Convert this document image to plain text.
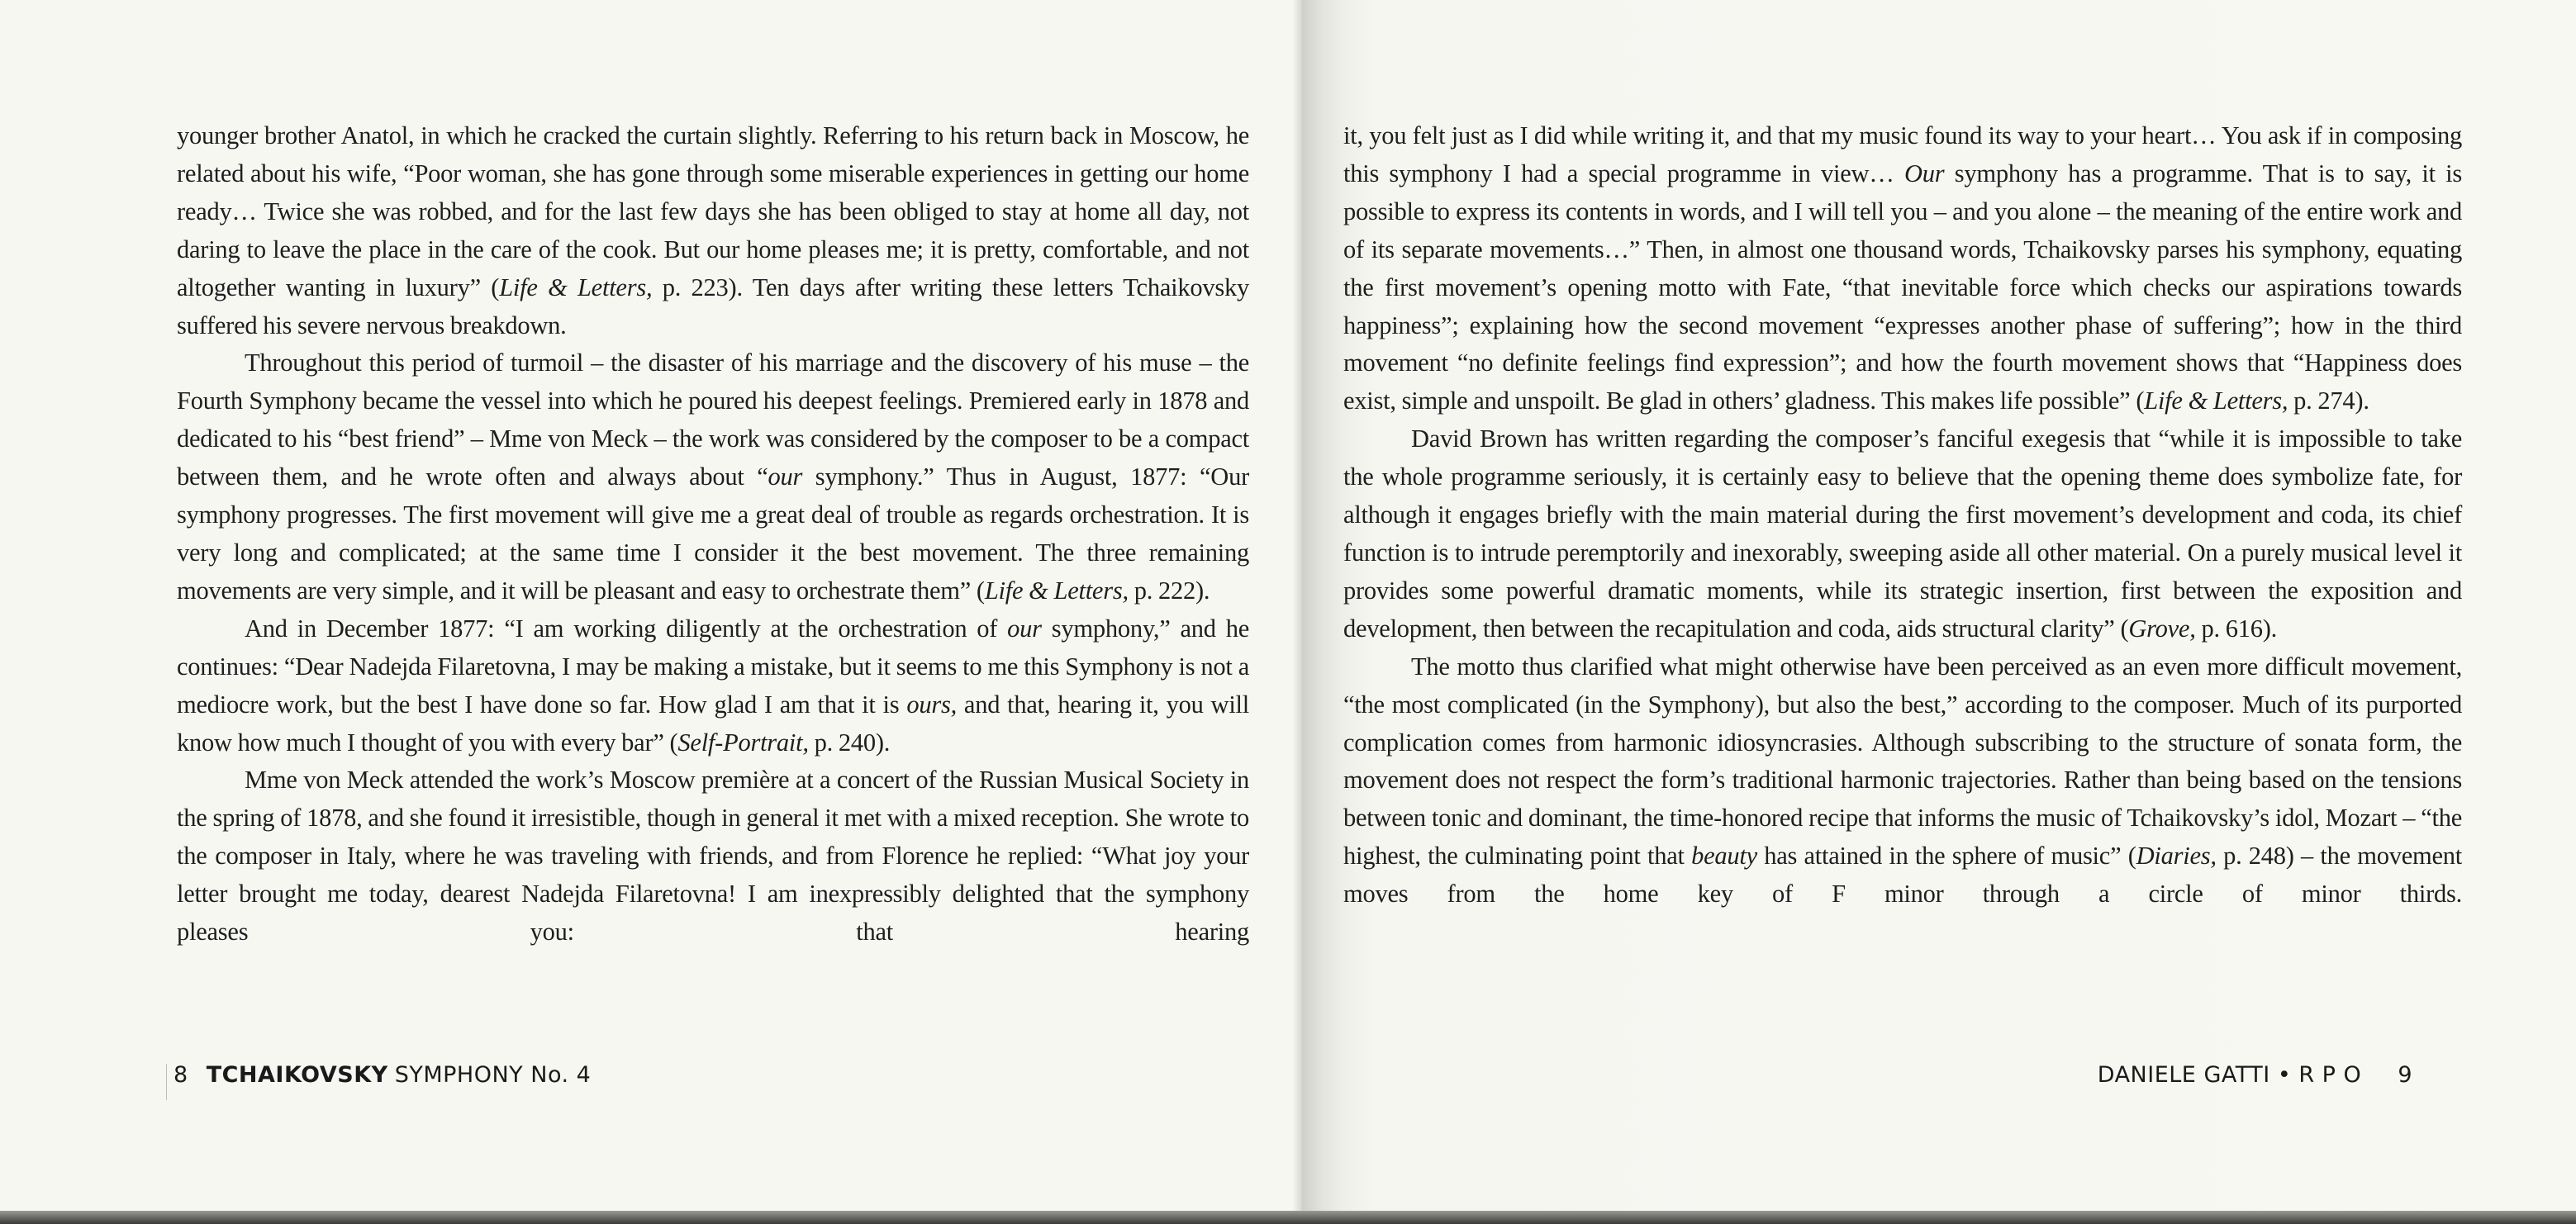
younger brother Anatol, in which he cracked the curtain slightly. Referring to his return back in Moscow, he related about his wife, “Poor woman, she has gone through some miserable experiences in getting our home ready… Twice she was robbed, and for the last few days she has been obliged to stay at home all day, not daring to leave the place in the care of the cook. But our home pleases me; it is pretty, comfortable, and not altogether wanting in luxury” (Life & Letters, p. 223). Ten days after writing these letters Tchaikovsky suffered his severe nervous breakdown.

Throughout this period of turmoil – the disaster of his marriage and the discovery of his muse – the Fourth Symphony became the vessel into which he poured his deepest feelings. Premiered early in 1878 and dedicated to his “best friend” – Mme von Meck – the work was considered by the composer to be a compact between them, and he wrote often and always about “our symphony.” Thus in August, 1877: “Our symphony progresses. The first movement will give me a great deal of trouble as regards orchestration. It is very long and complicated; at the same time I consider it the best movement. The three remaining movements are very simple, and it will be pleasant and easy to orchestrate them” (Life & Letters, p. 222).

And in December 1877: “I am working diligently at the orchestration of our symphony,” and he continues: “Dear Nadejda Filaretovna, I may be making a mistake, but it seems to me this Symphony is not a mediocre work, but the best I have done so far. How glad I am that it is ours, and that, hearing it, you will know how much I thought of you with every bar” (Self-Portrait, p. 240).

Mme von Meck attended the work’s Moscow première at a concert of the Russian Musical Society in the spring of 1878, and she found it irresistible, though in general it met with a mixed reception. She wrote to the composer in Italy, where he was traveling with friends, and from Florence he replied: “What joy your letter brought me today, dearest Nadejda Filaretovna! I am inexpressibly delighted that the symphony pleases you: that hearing

8 TCHAIKOVSKY SYMPHONY No. 4

it, you felt just as I did while writing it, and that my music found its way to your heart… You ask if in composing this symphony I had a special programme in view… Our symphony has a programme. That is to say, it is possible to express its contents in words, and I will tell you – and you alone – the meaning of the entire work and of its separate movements…” Then, in almost one thousand words, Tchaikovsky parses his symphony, equating the first movement’s opening motto with Fate, “that inevitable force which checks our aspirations towards happiness”; explaining how the second movement “expresses another phase of suffering”; how in the third movement “no definite feelings find expression”; and how the fourth movement shows that “Happiness does exist, simple and unspoilt. Be glad in others’ gladness. This makes life possible” (Life & Letters, p. 274).

David Brown has written regarding the composer’s fanciful exegesis that “while it is impossible to take the whole programme seriously, it is certainly easy to believe that the opening theme does symbolize fate, for although it engages briefly with the main material during the first movement’s development and coda, its chief function is to intrude peremptorily and inexorably, sweeping aside all other material. On a purely musical level it provides some powerful dramatic moments, while its strategic insertion, first between the exposition and development, then between the recapitulation and coda, aids structural clarity” (Grove, p. 616).

The motto thus clarified what might otherwise have been perceived as an even more difficult movement, “the most complicated (in the Symphony), but also the best,” according to the composer. Much of its purported complication comes from harmonic idiosyncrasies. Although subscribing to the structure of sonata form, the movement does not respect the form’s traditional harmonic trajectories. Rather than being based on the tensions between tonic and dominant, the time-honored recipe that informs the music of Tchaikovsky’s idol, Mozart – “the highest, the culminating point that beauty has attained in the sphere of music” (Diaries, p. 248) – the movement moves from the home key of F minor through a circle of minor thirds.

DANIELE GATTI • R P O 9
